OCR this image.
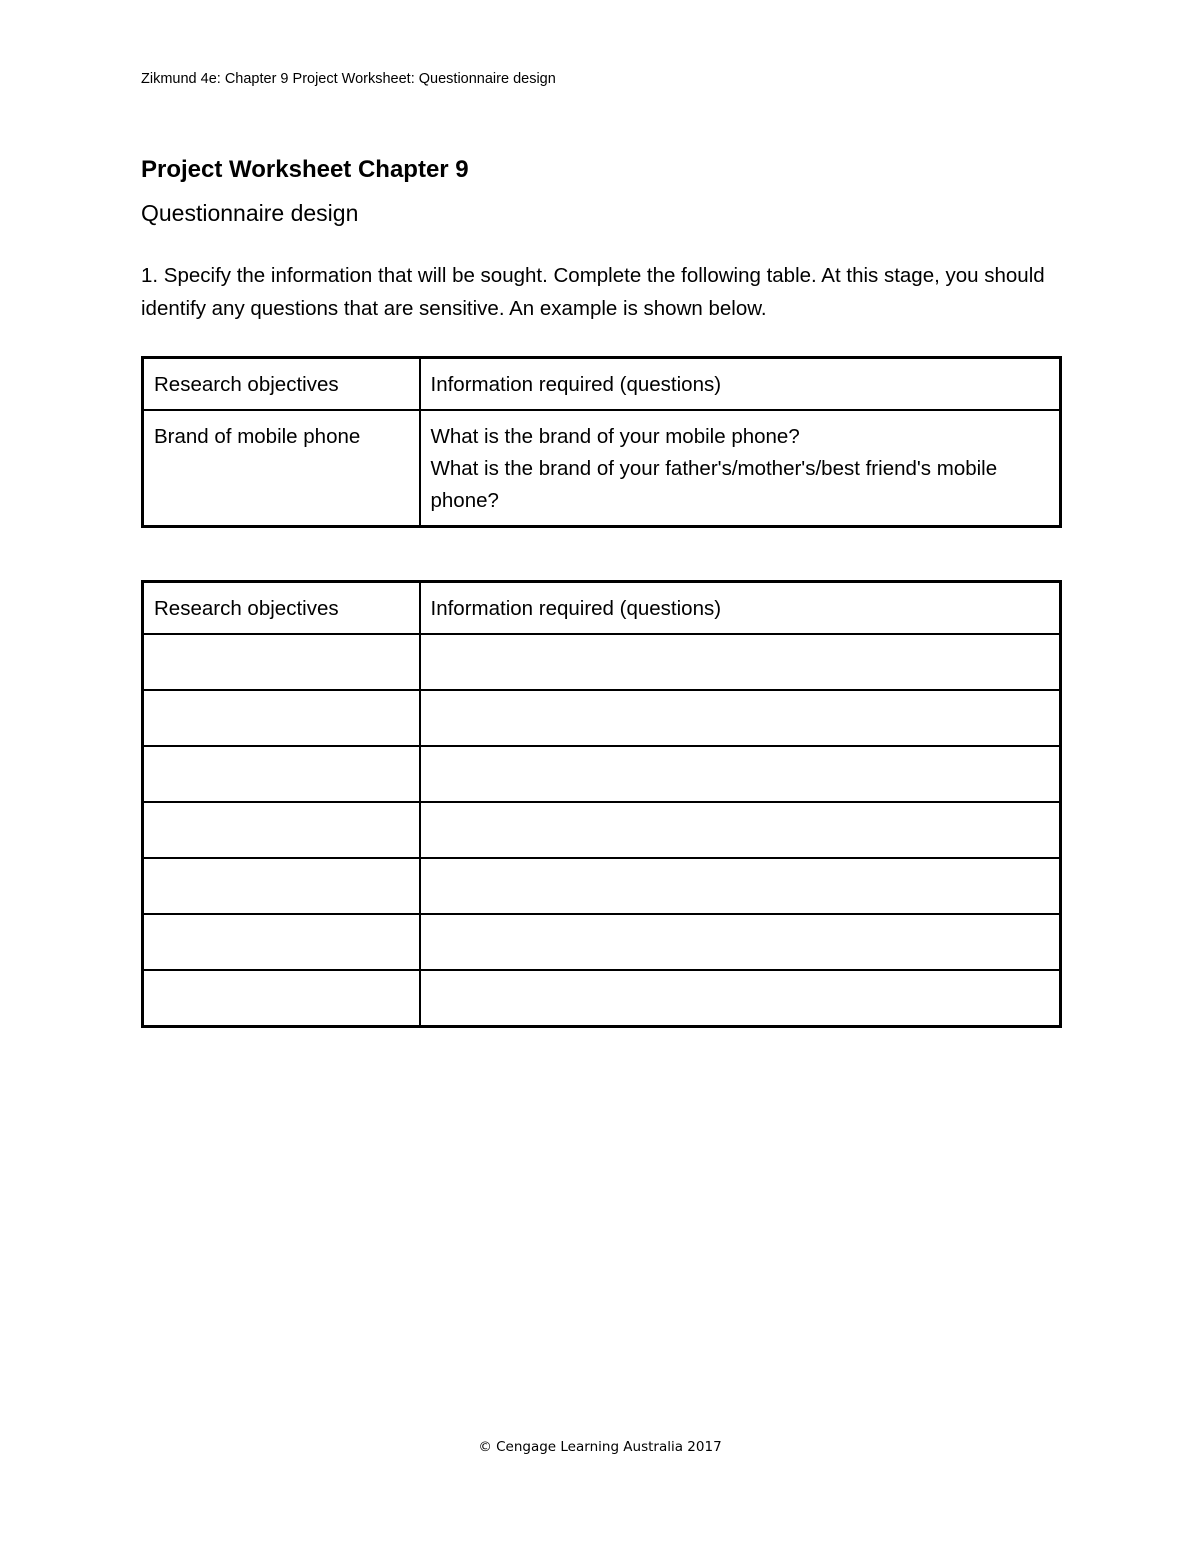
Zikmund 4e: Chapter 9 Project Worksheet: Questionnaire design
Project Worksheet Chapter 9
Questionnaire design

1. Specify the information that will be sought. Complete the following table. At this stage, you should identify any questions that are sensitive. An example is shown below.

Research objectives	Information required (questions)
Brand of mobile phone	What is the brand of your mobile phone?
What is the brand of your father's/mother's/best friend's mobile phone?
Research objectives	Information required (questions)

© Cengage Learning Australia 2017
